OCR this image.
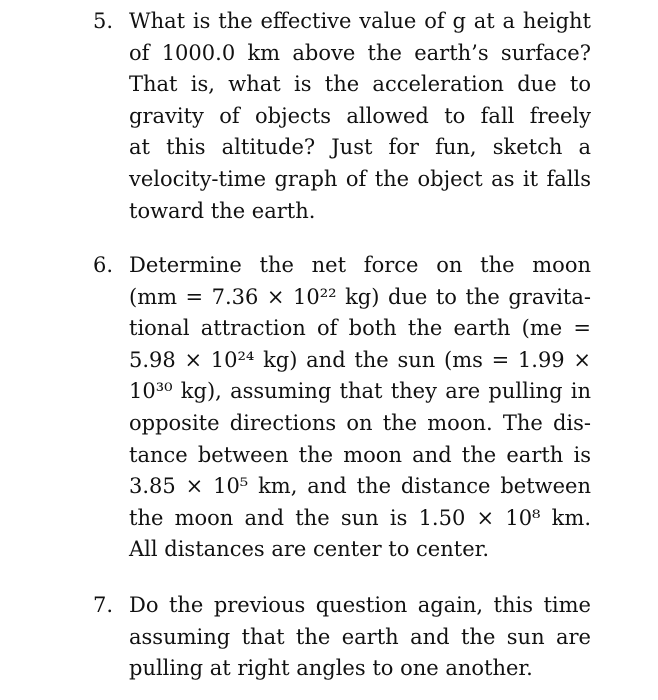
5. What is the effective value of g at a height
of 1000.0 km above the earth’s surface?
That is, what is the acceleration due to
gravity of objects allowed to fall freely
at this altitude? Just for fun, sketch a
velocity-time graph of the object as it falls
toward the earth.
6. Determine the net force on the moon
(mm = 7.36 × 10²² kg) due to the gravita-
tional attraction of both the earth (me =
5.98 × 10²⁴ kg) and the sun (ms = 1.99 ×
10³⁰ kg), assuming that they are pulling in
opposite directions on the moon. The dis-
tance between the moon and the earth is
3.85 × 10⁵ km, and the distance between
the moon and the sun is 1.50 × 10⁸ km.
All distances are center to center.
7. Do the previous question again, this time
assuming that the earth and the sun are
pulling at right angles to one another.
